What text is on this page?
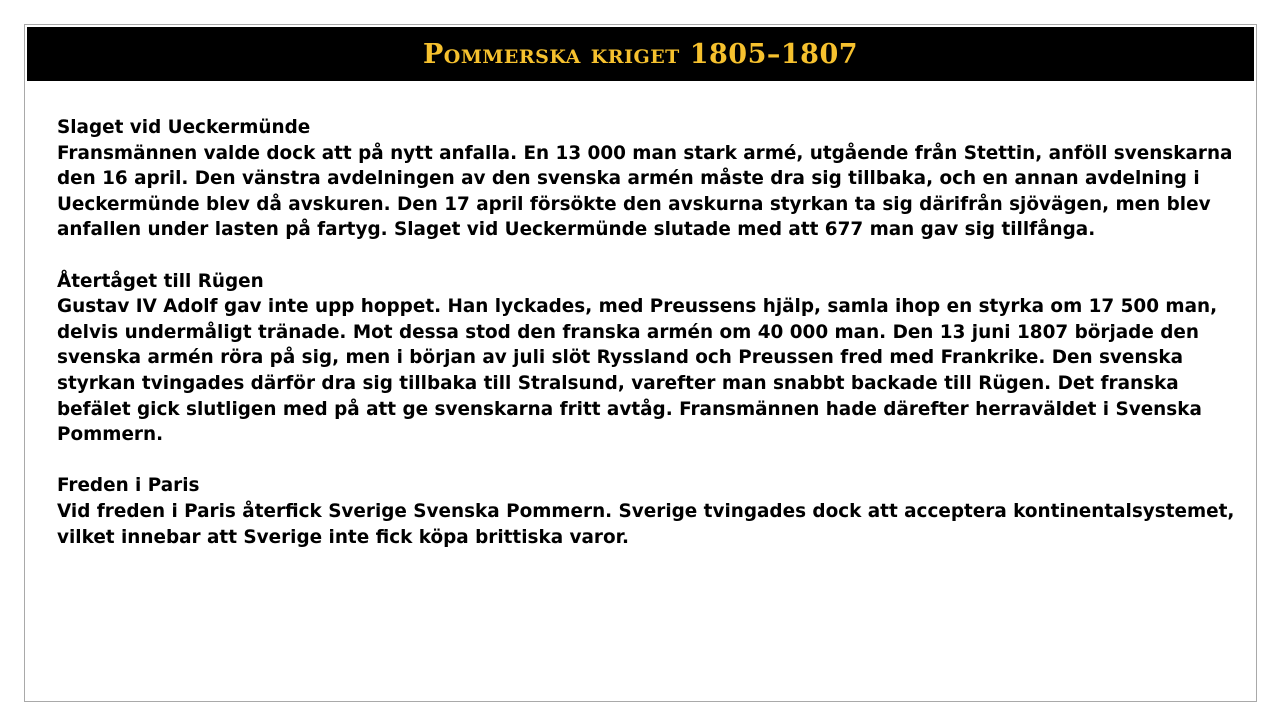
Pommerska kriget 1805–1807

Slaget vid Ueckermünde
Fransmännen valde dock att på nytt anfalla. En 13 000 man stark armé, utgående från Stettin, anföll svenskarna den 16 april. Den vänstra avdelningen av den svenska armén måste dra sig tillbaka, och en annan avdelning i Ueckermünde blev då avskuren. Den 17 april försökte den avskurna styrkan ta sig därifrån sjövägen, men blev anfallen under lasten på fartyg. Slaget vid Ueckermünde slutade med att 677 man gav sig tillfånga.

Återtåget till Rügen
Gustav IV Adolf gav inte upp hoppet. Han lyckades, med Preussens hjälp, samla ihop en styrka om 17 500 man, delvis undermåligt tränade. Mot dessa stod den franska armén om 40 000 man. Den 13 juni 1807 började den svenska armén röra på sig, men i början av juli slöt Ryssland och Preussen fred med Frankrike. Den svenska styrkan tvingades därför dra sig tillbaka till Stralsund, varefter man snabbt backade till Rügen. Det franska befälet gick slutligen med på att ge svenskarna fritt avtåg. Fransmännen hade därefter herraväldet i Svenska Pommern.

Freden i Paris
Vid freden i Paris återfick Sverige Svenska Pommern. Sverige tvingades dock att acceptera kontinentalsystemet, vilket innebar att Sverige inte fick köpa brittiska varor.
